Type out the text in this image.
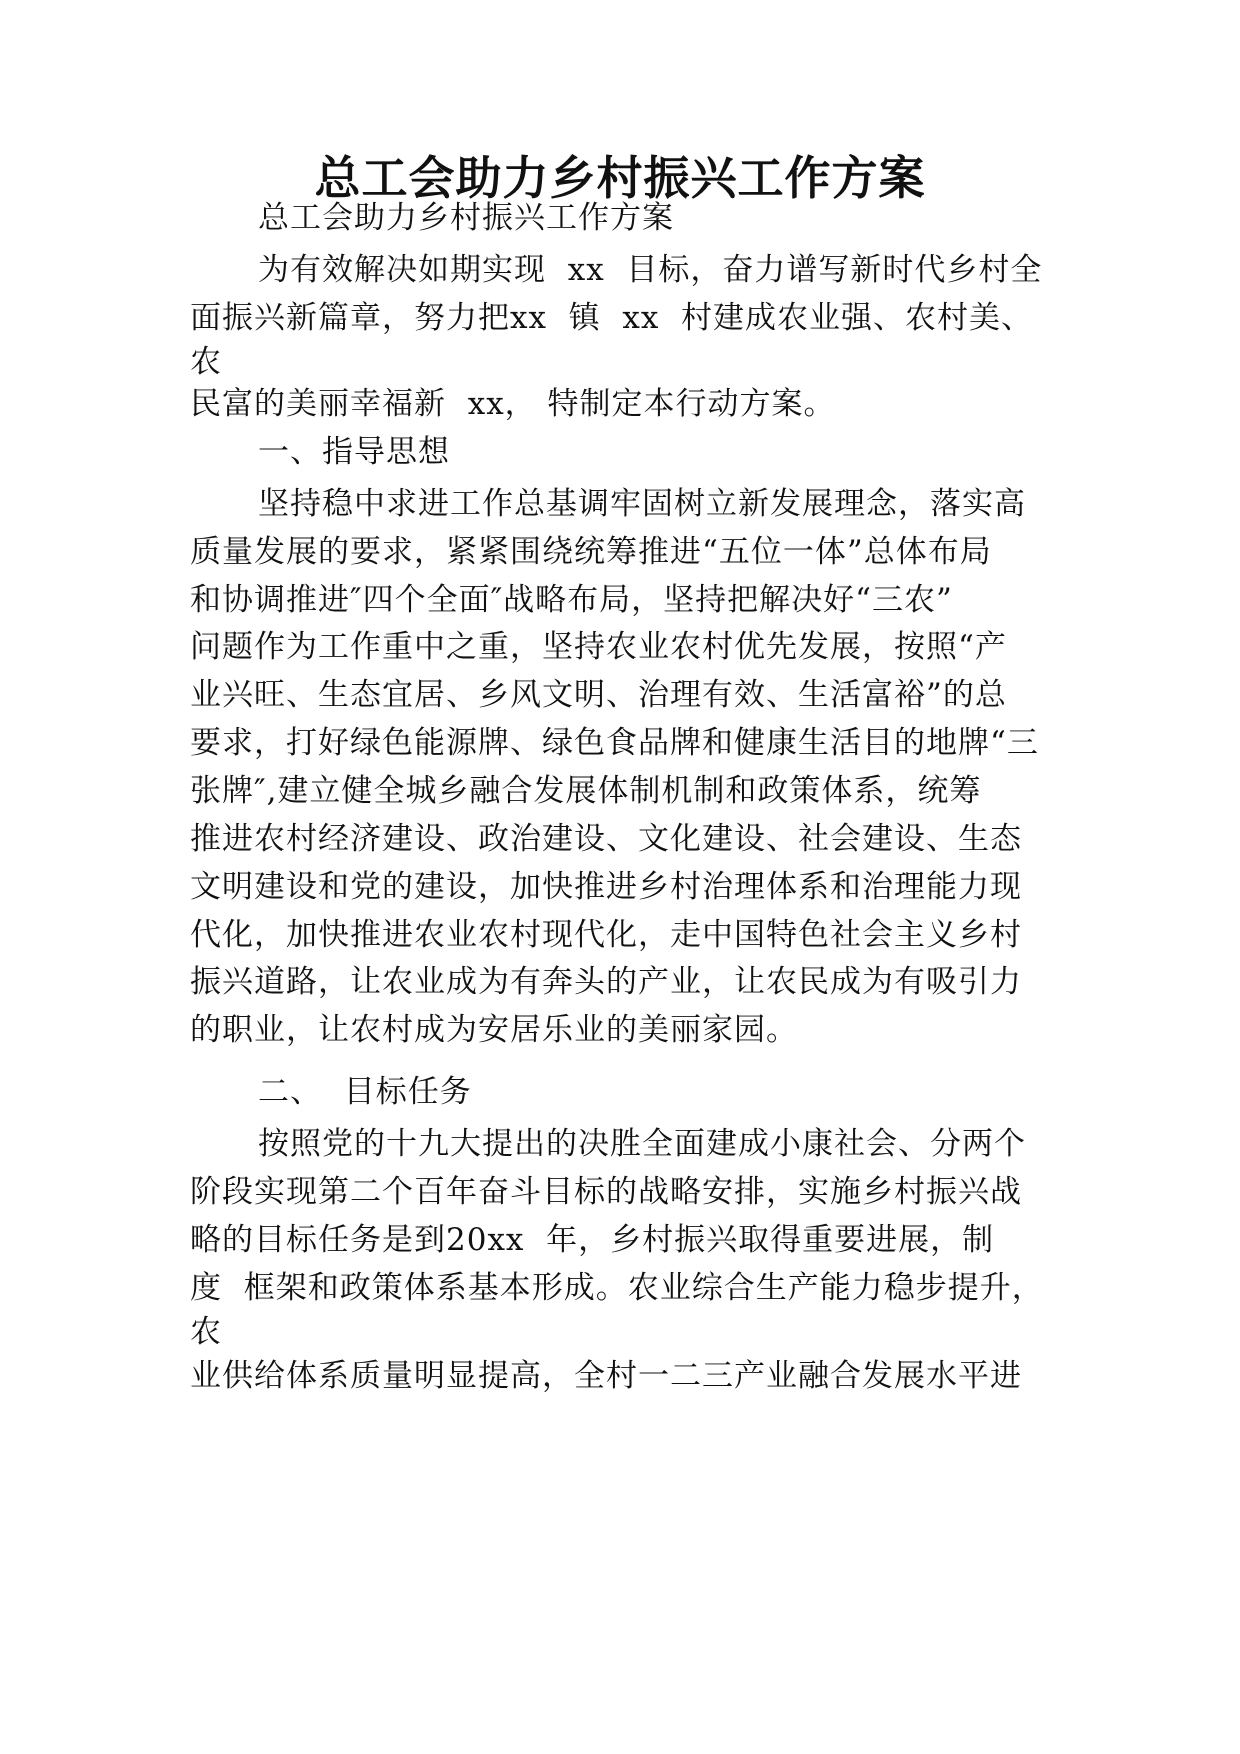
总工会助力乡村振兴工作方案
总工会助力乡村振兴工作方案
为有效解决如期实现  xx  目标，奋力谱写新时代乡村全
面振兴新篇章，努力把xx  镇  xx  村建成农业强、农村美、
农
民富的美丽幸福新  xx， 特制定本行动方案。
一、指导思想
坚持稳中求进工作总基调牢固树立新发展理念，落实高
质量发展的要求，紧紧围绕统筹推进“五位一体”总体布局
和协调推进″四个全面″战略布局，坚持把解决好“三农”
问题作为工作重中之重，坚持农业农村优先发展，按照“产
业兴旺、生态宜居、乡风文明、治理有效、生活富裕”的总
要求，打好绿色能源牌、绿色食品牌和健康生活目的地牌“三
张牌″,建立健全城乡融合发展体制机制和政策体系，统筹
推进农村经济建设、政治建设、文化建设、社会建设、生态
文明建设和党的建设，加快推进乡村治理体系和治理能力现
代化，加快推进农业农村现代化，走中国特色社会主义乡村
振兴道路，让农业成为有奔头的产业，让农民成为有吸引力
的职业，让农村成为安居乐业的美丽家园。
二、  目标任务
按照党的十九大提出的决胜全面建成小康社会、分两个
阶段实现第二个百年奋斗目标的战略安排，实施乡村振兴战
略的目标任务是到20xx  年，乡村振兴取得重要进展，制
度  框架和政策体系基本形成。农业综合生产能力稳步提升，
农
业供给体系质量明显提高，全村一二三产业融合发展水平进
